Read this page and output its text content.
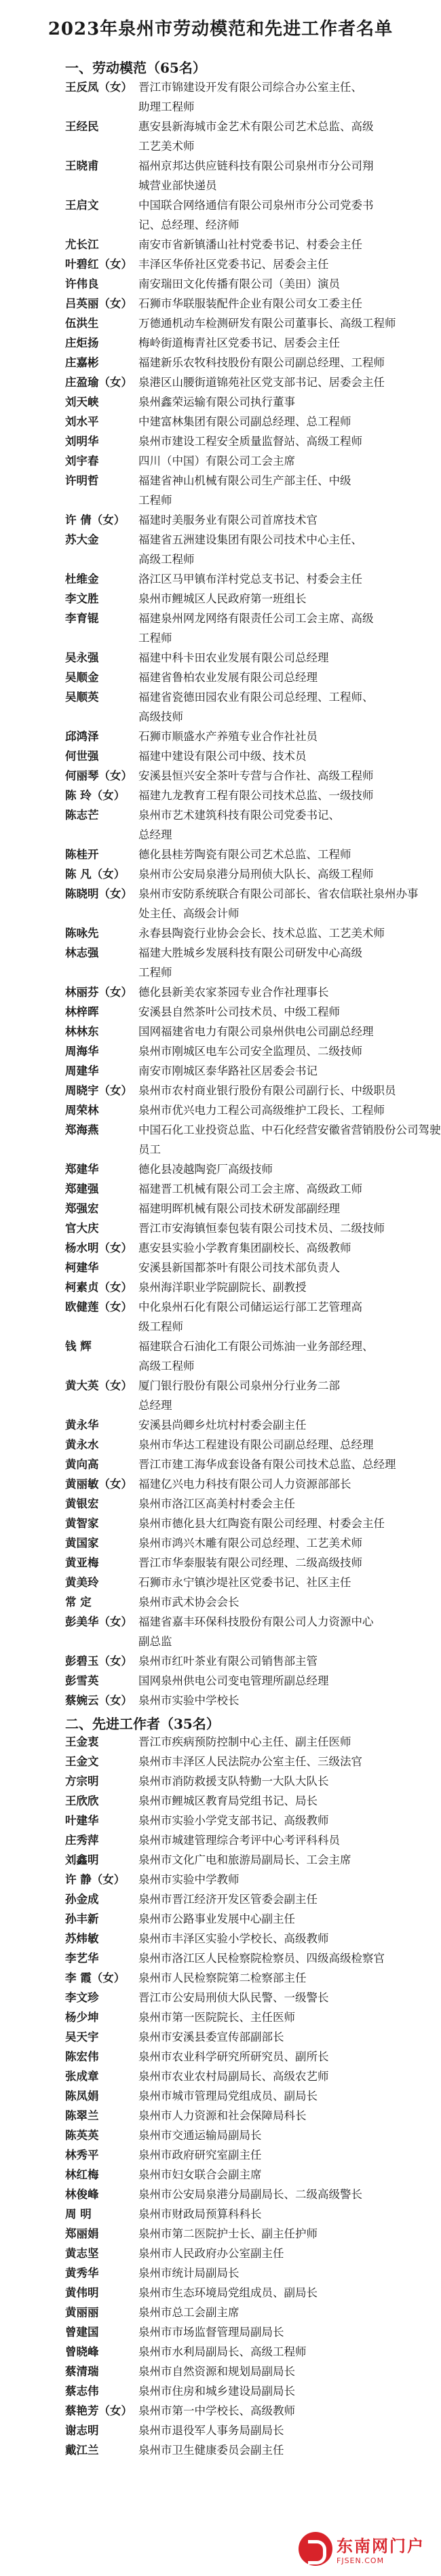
2023年泉州市劳动模范和先进工作者名单
一、劳动模范（65名）
王反凤（女） 晋江市锦建设开发有限公司综合办公室主任、
助理工程师
王经民	惠安县新海城市金艺术有限公司艺术总监、高级
工艺美术师
王晓甫	福州京邦达供应链科技有限公司泉州市分公司翔
城营业部快递员
王启文	中国联合网络通信有限公司泉州市分公司党委书
记、总经理、经济师
尤长江	南安市省新镇潘山社村党委书记、村委会主任
叶碧红（女） 丰泽区华侨社区党委书记、居委会主任
许伟良	南安瑞田文化传播有限公司（美田）演员
吕英丽（女） 石狮市华联服装配件企业有限公司女工委主任
伍洪生	万德通机动车检测研发有限公司董事长、高级工程师
庄炬扬	梅岭街道梅青社区党委书记、居委会主任
庄嘉彬	福建新乐农牧科技股份有限公司副总经理、工程师
庄盈瑜（女） 泉港区山腰街道锦苑社区党支部书记、居委会主任
刘天峡	泉州鑫荣运输有限公司执行董事
刘水平	中建富林集团有限公司副总经理、总工程师
刘明华	泉州市建设工程安全质量监督站、高级工程师
刘宇春	四川（中国）有限公司工会主席
许明哲	福建省神山机械有限公司生产部主任、中级
工程师
许 倩（女）	福建时美服务业有限公司首席技术官
苏大金	福建省五洲建设集团有限公司技术中心主任、
高级工程师
杜维金	洛江区马甲镇布洋村党总支书记、村委会主任
李文胜	泉州市鲤城区人民政府第一班组长
李育锟	福建泉州网龙网络有限责任公司工会主席、高级
工程师
吴永强	福建中科卡田农业发展有限公司总经理
吴顺金	福建省鲁柏农业发展有限公司总经理
吴顺英	福建省瓷德田园农业有限公司总经理、工程师、
高级技师
邱鸿泽	石狮市顺盛水产养殖专业合作社社员
何世强	福建中建设有限公司中级、技术员
何丽琴（女） 安溪县恒兴安全茶叶专营与合作社、高级工程师
陈 玲（女）	福建九龙教育工程有限公司技术总监、一级技师
陈志芒	泉州市艺术建筑科技有限公司党委书记、
总经理
陈桂开	德化县桂芳陶瓷有限公司艺术总监、工程师
陈 凡（女）	泉州市公安局泉港分局刑侦大队长、高级工程师
陈晓明（女） 泉州市安防系统联合有限公司部长、省农信联社泉州办事
处主任、高级会计师
陈咏先	永春县陶瓷行业协会会长、技术总监、工艺美术师
林志强	福建大胜城乡发展科技有限公司研发中心高级
工程师
林丽芬（女） 德化县新美农家茶园专业合作社理事长
林梓晖	安溪县自然茶叶公司技术员、中级工程师
林林东	国网福建省电力有限公司泉州供电公司副总经理
周海华	泉州市刚城区电车公司安全监理员、二级技师
周建华	南安市刚城区泰华路社区居委会书记
周晓宇（女） 泉州市农村商业银行股份有限公司副行长、中级职员
周荣林	泉州市优兴电力工程公司高级维护工段长、工程师
郑海燕	中国石化工业投资总监、中石化经营安徽省营销股份公司驾驶
员工
郑建华	德化县凌越陶瓷厂高级技师
郑建强	福建晋工机械有限公司工会主席、高级政工师
郑强宏	福建明晖机械有限公司技术研发部副经理
官大庆	晋江市安海镇恒泰包装有限公司技术员、二级技师
杨水明（女） 惠安县实验小学教育集团副校长、高级教师
柯建华	安溪县新国都茶叶有限公司技术部负责人
柯素贞（女） 泉州海洋职业学院副院长、副教授
欧健莲（女） 中化泉州石化有限公司储运运行部工艺管理高
级工程师
钱 辉	福建联合石油化工有限公司炼油一业务部经理、
高级工程师
黄大英（女） 厦门银行股份有限公司泉州分行业务二部
总经理
黄永华	安溪县尚卿乡灶坑村村委会副主任
黄永水	泉州市华达工程建设有限公司副总经理、总经理
黄向高	晋江市建工海华成套设备有限公司技术总监、总经理
黄丽敏（女） 福建亿兴电力科技有限公司人力资源部部长
黄银宏	泉州市洛江区高美村村委会主任
黄智家	泉州市德化县大红陶瓷有限公司经理、村委会主任
黄国家	泉州市鸿兴木雕有限公司总经理、工艺美术师
黄亚梅	晋江市华泰服装有限公司经理、二级高级技师
黄美玲	石狮市永宁镇沙堤社区党委书记、社区主任
常 定	泉州市武术协会会长
彭美华（女） 福建省嘉丰环保科技股份有限公司人力资源中心
副总监
彭碧玉（女） 泉州市红叶茶业有限公司销售部主管
彭雪英	国网泉州供电公司变电管理所副总经理
蔡婉云（女） 泉州市实验中学校长
二、先进工作者（35名）
王金衷	晋江市疾病预防控制中心主任、副主任医师
王金文	泉州市丰泽区人民法院办公室主任、三级法官
方宗明	泉州市消防救援支队特勤一大队大队长
王欣欣	泉州市鲤城区教育局党组书记、局长
叶建华	泉州市实验小学党支部书记、高级教师
庄秀萍	泉州市城建管理综合考评中心考评科科员
刘鑫明	泉州市文化广电和旅游局副局长、工会主席
许 静（女）	泉州市实验中学教师
孙金成	泉州市晋江经济开发区管委会副主任
孙丰新	泉州市公路事业发展中心副主任
苏炜敏	泉州市丰泽区实验小学校长、高级教师
李艺华	泉州市洛江区人民检察院检察员、四级高级检察官
李 霞（女）	泉州市人民检察院第二检察部主任
李文珍	晋江市公安局刑侦大队民警、一级警长
杨少坤	泉州市第一医院院长、主任医师
吴天宇	泉州市安溪县委宣传部副部长
陈宏伟	泉州市农业科学研究所研究员、副所长
张成章	泉州市农业农村局副局长、高级农艺师
陈凤娟	泉州市城市管理局党组成员、副局长
陈翠兰	泉州市人力资源和社会保障局科长
陈英英	泉州市交通运输局副局长
林秀平	泉州市政府研究室副主任
林红梅	泉州市妇女联合会副主席
林俊峰	泉州市公安局泉港分局副局长、二级高级警长
周 明	泉州市财政局预算科科长
郑丽娟	泉州市第二医院护士长、副主任护师
黄志坚	泉州市人民政府办公室副主任
黄秀华	泉州市统计局副局长
黄伟明	泉州市生态环境局党组成员、副局长
黄丽丽	泉州市总工会副主席
曾建国	泉州市市场监督管理局副局长
曾晓峰	泉州市水利局副局长、高级工程师
蔡清瑞	泉州市自然资源和规划局副局长
蔡志伟	泉州市住房和城乡建设局副局长
蔡艳芳（女） 泉州市第一中学校长、高级教师
谢志明	泉州市退役军人事务局副局长
戴江兰	泉州市卫生健康委员会副主任
东南网门户
FJSEN.COM
